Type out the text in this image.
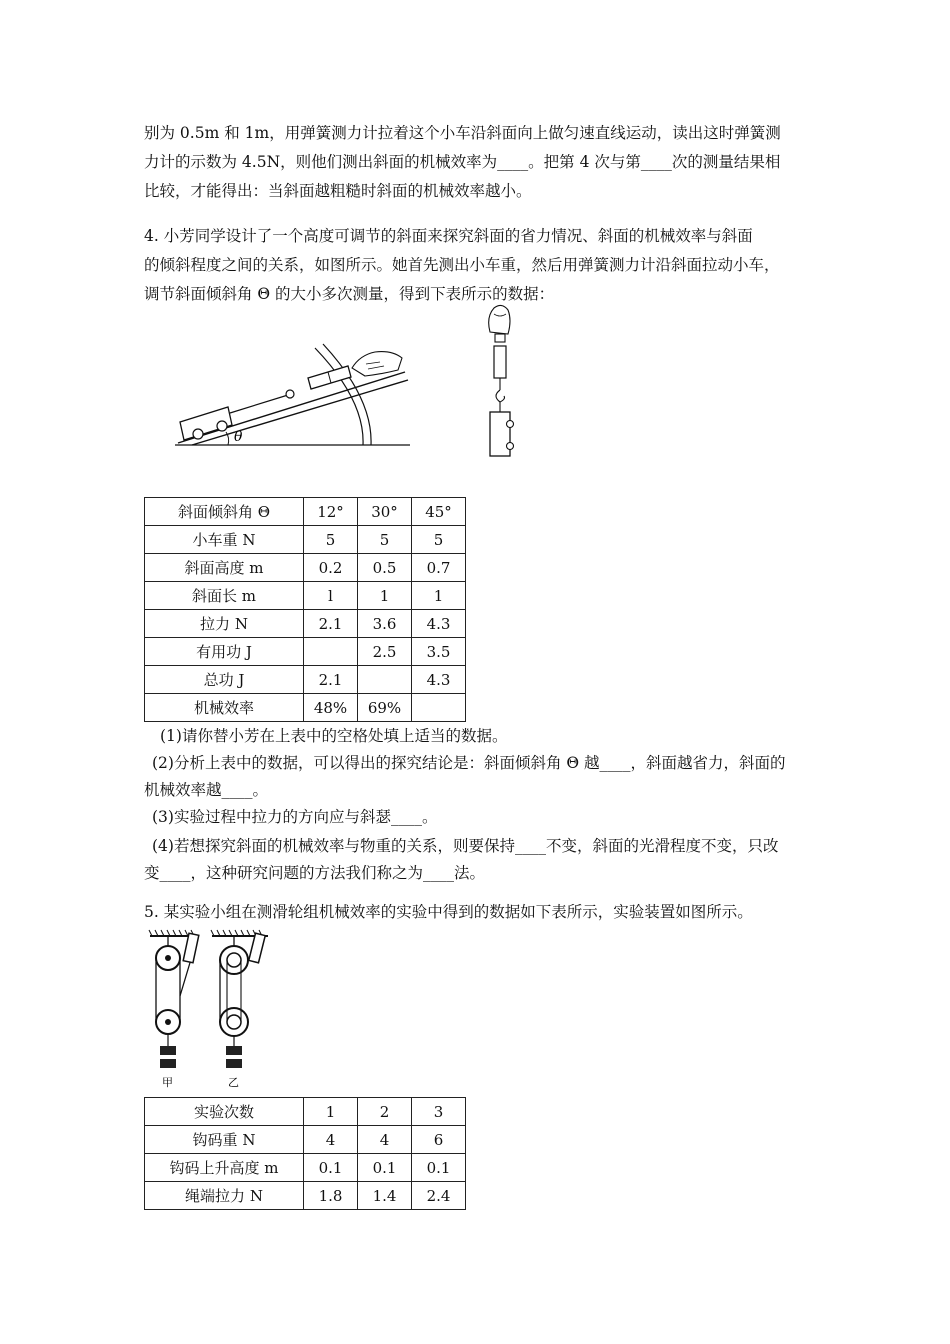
别为 0.5m 和 1m，用弹簧测力计拉着这个小车沿斜面向上做匀速直线运动，读出这时弹簧测
力计的示数为 4.5N，则他们测出斜面的机械效率为____。把第 4 次与第____次的测量结果相
比较，才能得出：当斜面越粗糙时斜面的机械效率越小。
4. 小芳同学设计了一个高度可调节的斜面来探究斜面的省力情况、斜面的机械效率与斜面
的倾斜程度之间的关系，如图所示。她首先测出小车重，然后用弹簧测力计沿斜面拉动小车，
调节斜面倾斜角 Θ 的大小多次测量，得到下表所示的数据：
θ
斜面倾斜角 Θ	12°	30°	45°
小车重 N	5	5	5
斜面高度 m	0.2	0.5	0.7
斜面长 m	l	1	1
拉力 N	2.1	3.6	4.3
有用功 J		2.5	3.5
总功 J	2.1		4.3
机械效率	48%	69%	
(1)请你替小芳在上表中的空格处填上适当的数据。
(2)分析上表中的数据，可以得出的探究结论是：斜面倾斜角 Θ 越____，斜面越省力，斜面的
机械效率越____。
(3)实验过程中拉力的方向应与斜瑟____。
(4)若想探究斜面的机械效率与物重的关系，则要保持____不变，斜面的光滑程度不变，只改
变____，这种研究问题的方法我们称之为____法。
5. 某实验小组在测滑轮组机械效率的实验中得到的数据如下表所示，实验装置如图所示。
甲	乙
实验次数	1	2	3
钩码重 N	4	4	6
钩码上升高度 m	0.1	0.1	0.1
绳端拉力 N	1.8	1.4	2.4
